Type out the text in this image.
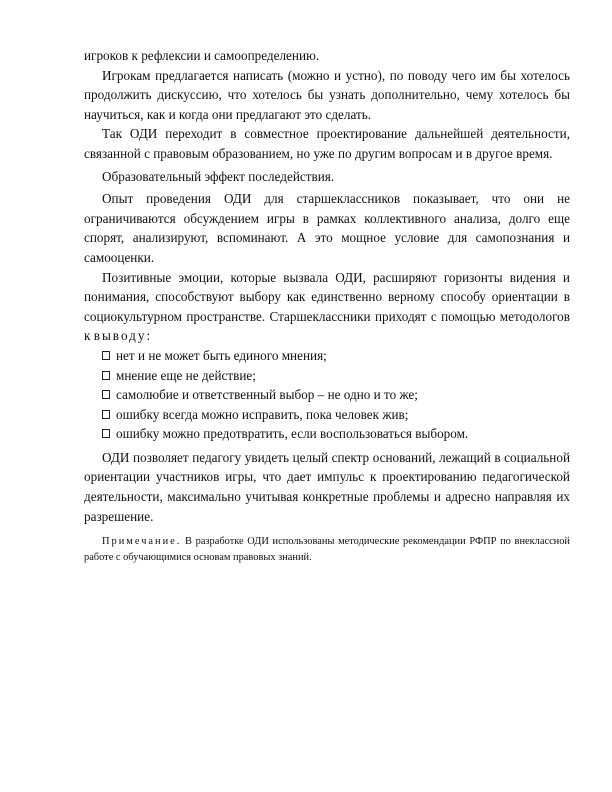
игроков к рефлексии и самоопределению.

Игрокам предлагается написать (можно и устно), по поводу чего им бы хотелось продолжить дискуссию, что хотелось бы узнать дополнительно, чему хотелось бы научиться, как и когда они предлагают это сделать.

Так ОДИ переходит в совместное проектирование дальнейшей деятельности, связанной с правовым образованием, но уже по другим вопросам и в другое время.

Образовательный эффект последействия.

Опыт проведения ОДИ для старшеклассников показывает, что они не ограничиваются обсуждением игры в рамках коллективного анализа, долго еще спорят, анализируют, вспоминают. А это мощное условие для самопознания и самооценки.

Позитивные эмоции, которые вызвала ОДИ, расширяют горизонты видения и понимания, способствуют выбору как единственно верному способу ориентации в социокультурном пространстве. Старшеклассники приходят с помощью методологов к выводу:

нет и не может быть единого мнения;
мнение еще не действие;
самолюбие и ответственный выбор – не одно и то же;
ошибку всегда можно исправить, пока человек жив;
ошибку можно предотвратить, если воспользоваться выбором.

ОДИ позволяет педагогу увидеть целый спектр оснований, лежащий в социальной ориентации участников игры, что дает импульс к проектированию педагогической деятельности, максимально учитывая конкретные проблемы и адресно направляя их разрешение.

Примечание. В разработке ОДИ использованы методические рекомендации РФПР по внеклассной работе с обучающимися основам правовых знаний.
